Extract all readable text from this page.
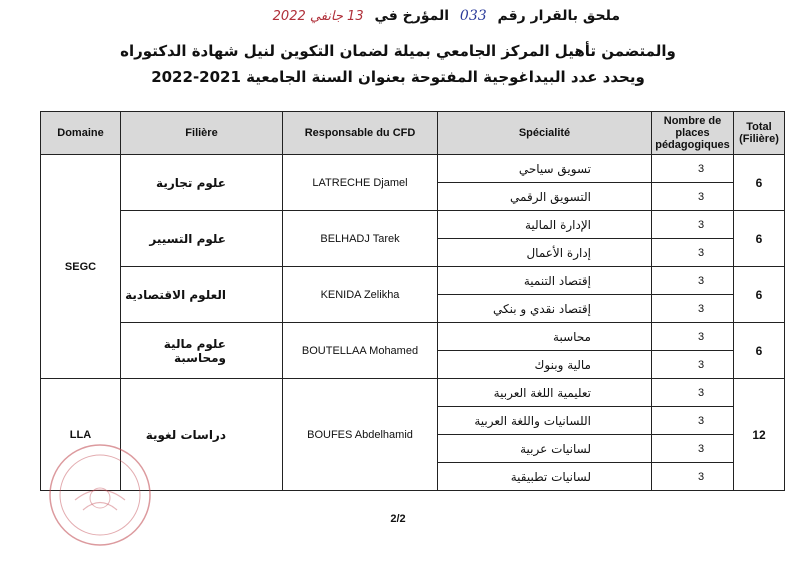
ملحق بالقرار رقم 033 المؤرخ في 13 جانفي 2022
والمتضمن تأهيل المركز الجامعي بميلة لضمان التكوين لنيل شهادة الدكتوراه
ويحدد عدد البيداغوجية المفتوحة بعنوان السنة الجامعية 2021-2022
Domaine	Filière	Responsable du CFD	Spécialité	Nombre de places pédagogiques	Total (Filière)
SEGC	علوم تجارية	LATRECHE Djamel	تسويق سياحي	3	6
			التسويق الرقمي	3	
	علوم التسيير	BELHADJ Tarek	الإدارة المالية	3	6
			إدارة الأعمال	3	
	العلوم الاقتصادية	KENIDA Zelikha	إقتصاد التنمية	3	6
			إقتصاد نقدي و بنكي	3	
	علوم مالية ومحاسبة	BOUTELLAA Mohamed	محاسبة	3	6
			مالية وبنوك	3	
LLA	دراسات لغوية	BOUFES Abdelhamid	تعليمية اللغة العربية	3	12
			اللسانيات واللغة العربية	3	
			لسانيات عربية	3	
			لسانيات تطبيقية	3	
2/2
